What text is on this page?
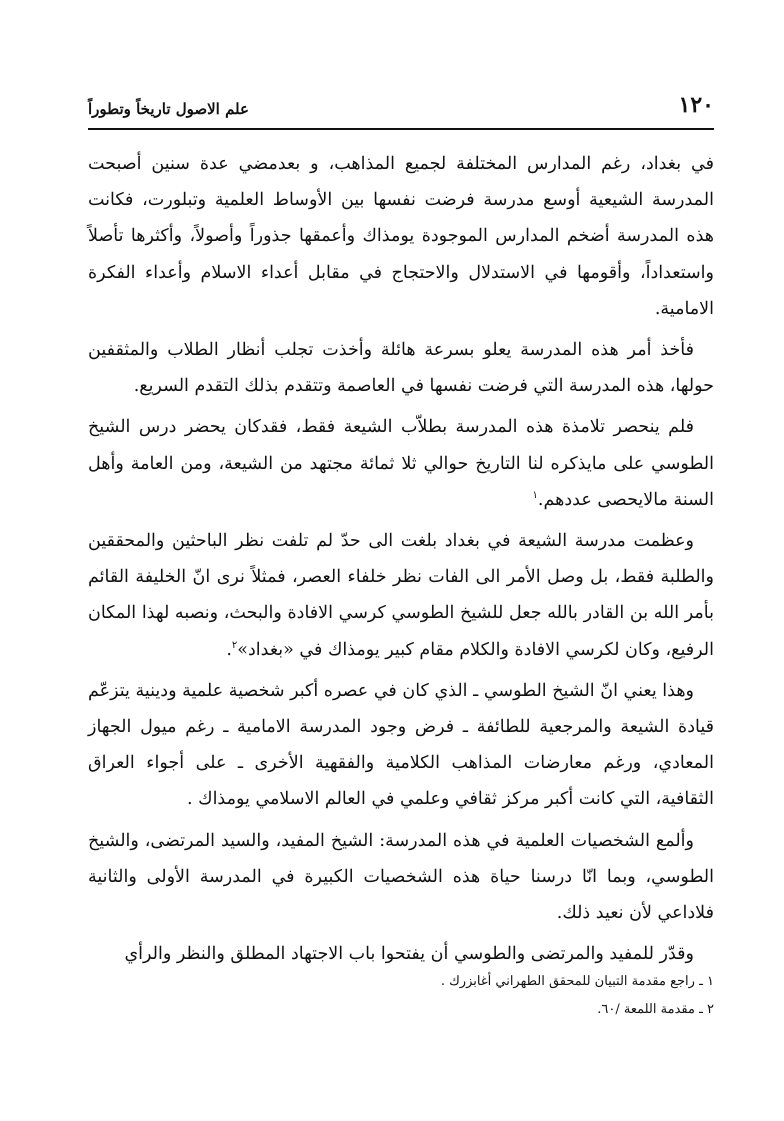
١٢٠
علم الاصول تاريخاً وتطوراً

في بغداد، رغم المدارس المختلفة لجميع المذاهب، و بعدمضي عدة سنين أصبحت المدرسة الشيعية أوسع مدرسة فرضت نفسها بين الأوساط العلمية وتبلورت، فكانت هذه المدرسة أضخم المدارس الموجودة يومذاك وأعمقها جذوراً وأصولاً، وأكثرها تأصلاً واستعداداً، وأقومها في الاستدلال والاحتجاج في مقابل أعداء الاسلام وأعداء الفكرة الامامية.

فأخذ أمر هذه المدرسة يعلو بسرعة هائلة وأخذت تجلب أنظار الطلاب والمثقفين حولها، هذه المدرسة التي فرضت نفسها في العاصمة وتتقدم بذلك التقدم السريع.

فلم ينحصر تلامذة هذه المدرسة بطلاّب الشيعة فقط، فقدكان يحضر درس الشيخ الطوسي على مايذكره لنا التاريخ حوالي ثلا ثمائة مجتهد من الشيعة، ومن العامة وأهل السنة مالايحصى عددهم.$^١$

وعظمت مدرسة الشيعة في بغداد بلغت الى حدّ لم تلفت نظر الباحثين والمحققين والطلبة فقط، بل وصل الأمر الى الفات نظر خلفاء العصر، فمثلاً نرى انّ الخليفة القائم بأمر الله بن القادر بالله جعل للشيخ الطوسي كرسي الافادة والبحث، ونصبه لهذا المكان الرفيع، وكان لكرسي الافادة والكلام مقام كبير يومذاك في «بغداد»$^٢$.

وهذا يعني انّ الشيخ الطوسي ـ الذي كان في عصره أكبر شخصية علمية ودينية يتزعّم قيادة الشيعة والمرجعية للطائفة ـ فرض وجود المدرسة الامامية ـ رغم ميول الجهاز المعادي، ورغم معارضات المذاهب الكلامية والفقهية الأخرى ـ على أجواء العراق الثقافية، التي كانت أكبر مركز ثقافي وعلمي في العالم الاسلامي يومذاك .

وألمع الشخصيات العلمية في هذه المدرسة: الشيخ المفيد، والسيد المرتضى، والشيخ الطوسي، وبما انّا درسنا حياة هذه الشخصيات الكبيرة في المدرسة الأولى والثانية فلاداعي لأن نعيد ذلك.

وقدّر للمفيد والمرتضى والطوسي أن يفتحوا باب الاجتهاد المطلق والنظر والرأي

١ ـ راجع مقدمة التبيان للمحقق الطهراني أغابزرك .
٢ ـ مقدمة اللمعة /٦٠.
